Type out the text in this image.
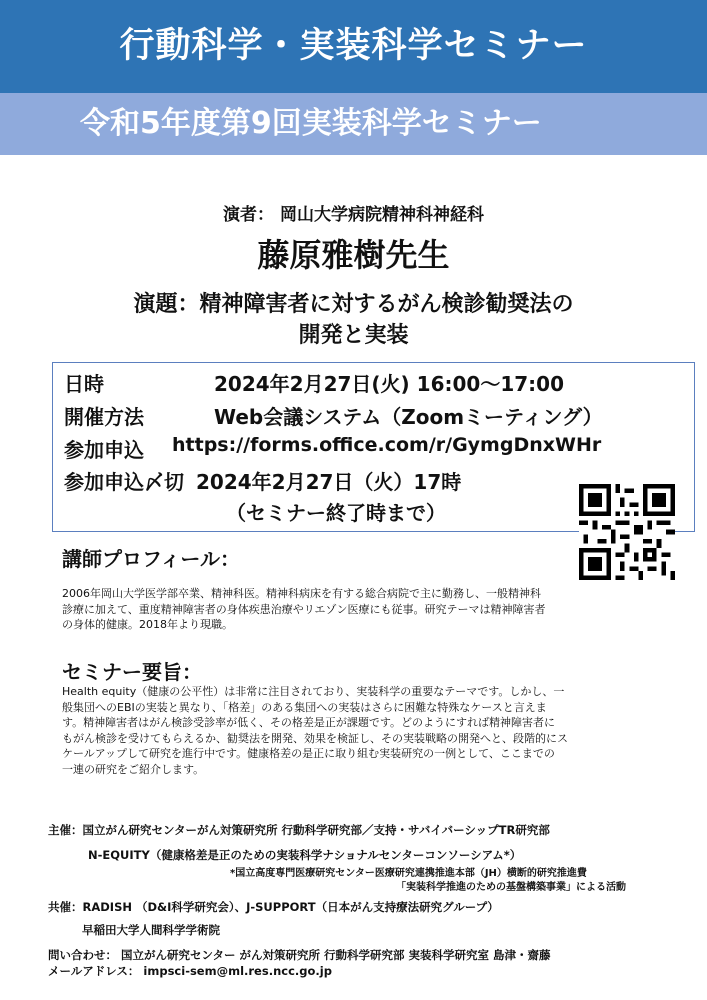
行動科学・実装科学セミナー
令和5年度第9回実装科学セミナー
演者： 岡山大学病院精神科神経科
藤原雅樹先生
演題：精神障害者に対するがん検診勧奨法の
開発と実装
日時	2024年2月27日(火) 16:00～17:00
開催方法	Web会議システム（Zoomミーティング）
参加申込 https://forms.office.com/r/GymgDnxWHr
参加申込〆切 2024年2月27日（火）17時
（セミナー終了時まで）
講師プロフィール：
2006年岡山大学医学部卒業、精神科医。精神科病床を有する総合病院で主に勤務し、一般精神科
診療に加えて、重度精神障害者の身体疾患治療やリエゾン医療にも従事。研究テーマは精神障害者
の身体的健康。2018年より現職。
セミナー要旨：
Health equity（健康の公平性）は非常に注目されており、実装科学の重要なテーマです。しかし、一
般集団へのEBIの実装と異なり、「格差」のある集団への実装はさらに困難な特殊なケースと言えま
す。精神障害者はがん検診受診率が低く、その格差是正が課題です。どのようにすれば精神障害者に
もがん検診を受けてもらえるか、勧奨法を開発、効果を検証し、その実装戦略の開発へと、段階的にス
ケールアップして研究を進行中です。健康格差の是正に取り組む実装研究の一例として、ここまでの
一連の研究をご紹介します。
主催：国立がん研究センターがん対策研究所 行動科学研究部／支持・サバイバーシップTR研究部
N-EQUITY（健康格差是正のための実装科学ナショナルセンターコンソーシアム*）
*国立高度専門医療研究センター医療研究連携推進本部（JH）横断的研究推進費
「実装科学推進のための基盤構築事業」による活動
共催：RADISH （D&I科学研究会）、J-SUPPORT（日本がん支持療法研究グループ）
早稲田大学人間科学学術院
問い合わせ： 国立がん研究センター がん対策研究所 行動科学研究部 実装科学研究室 島津・齋藤
メールアドレス： impsci-sem@ml.res.ncc.go.jp
